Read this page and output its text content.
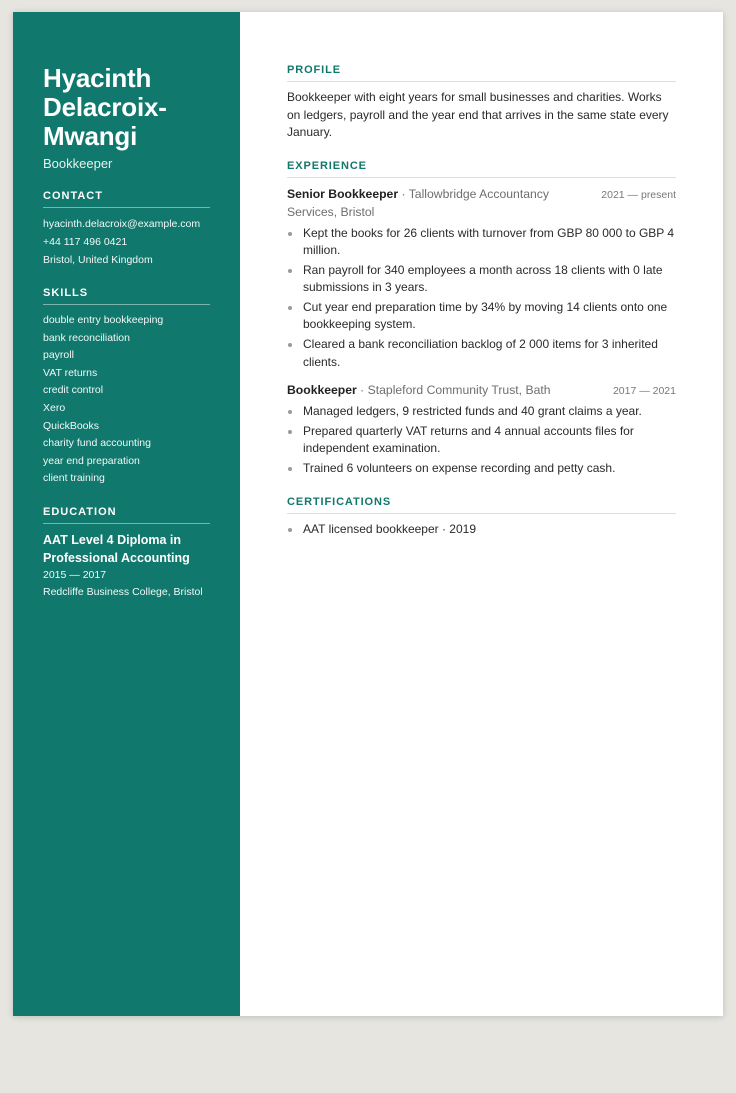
Hyacinth Delacroix-Mwangi
Bookkeeper
CONTACT
hyacinth.delacroix@example.com
+44 117 496 0421
Bristol, United Kingdom
SKILLS
double entry bookkeeping
bank reconciliation
payroll
VAT returns
credit control
Xero
QuickBooks
charity fund accounting
year end preparation
client training
EDUCATION
AAT Level 4 Diploma in Professional Accounting
2015 — 2017
Redcliffe Business College, Bristol
PROFILE

Bookkeeper with eight years for small businesses and charities. Works on ledgers, payroll and the year end that arrives in the same state every January.

EXPERIENCE
Senior Bookkeeper · Tallowbridge Accountancy Services, Bristol
2021 — present
Kept the books for 26 clients with turnover from GBP 80 000 to GBP 4 million.
Ran payroll for 340 employees a month across 18 clients with 0 late submissions in 3 years.
Cut year end preparation time by 34% by moving 14 clients onto one bookkeeping system.
Cleared a bank reconciliation backlog of 2 000 items for 3 inherited clients.
Bookkeeper · Stapleford Community Trust, Bath	2017 — 2021
Managed ledgers, 9 restricted funds and 40 grant claims a year.
Prepared quarterly VAT returns and 4 annual accounts files for independent examination.
Trained 6 volunteers on expense recording and petty cash.
CERTIFICATIONS
AAT licensed bookkeeper · 2019
